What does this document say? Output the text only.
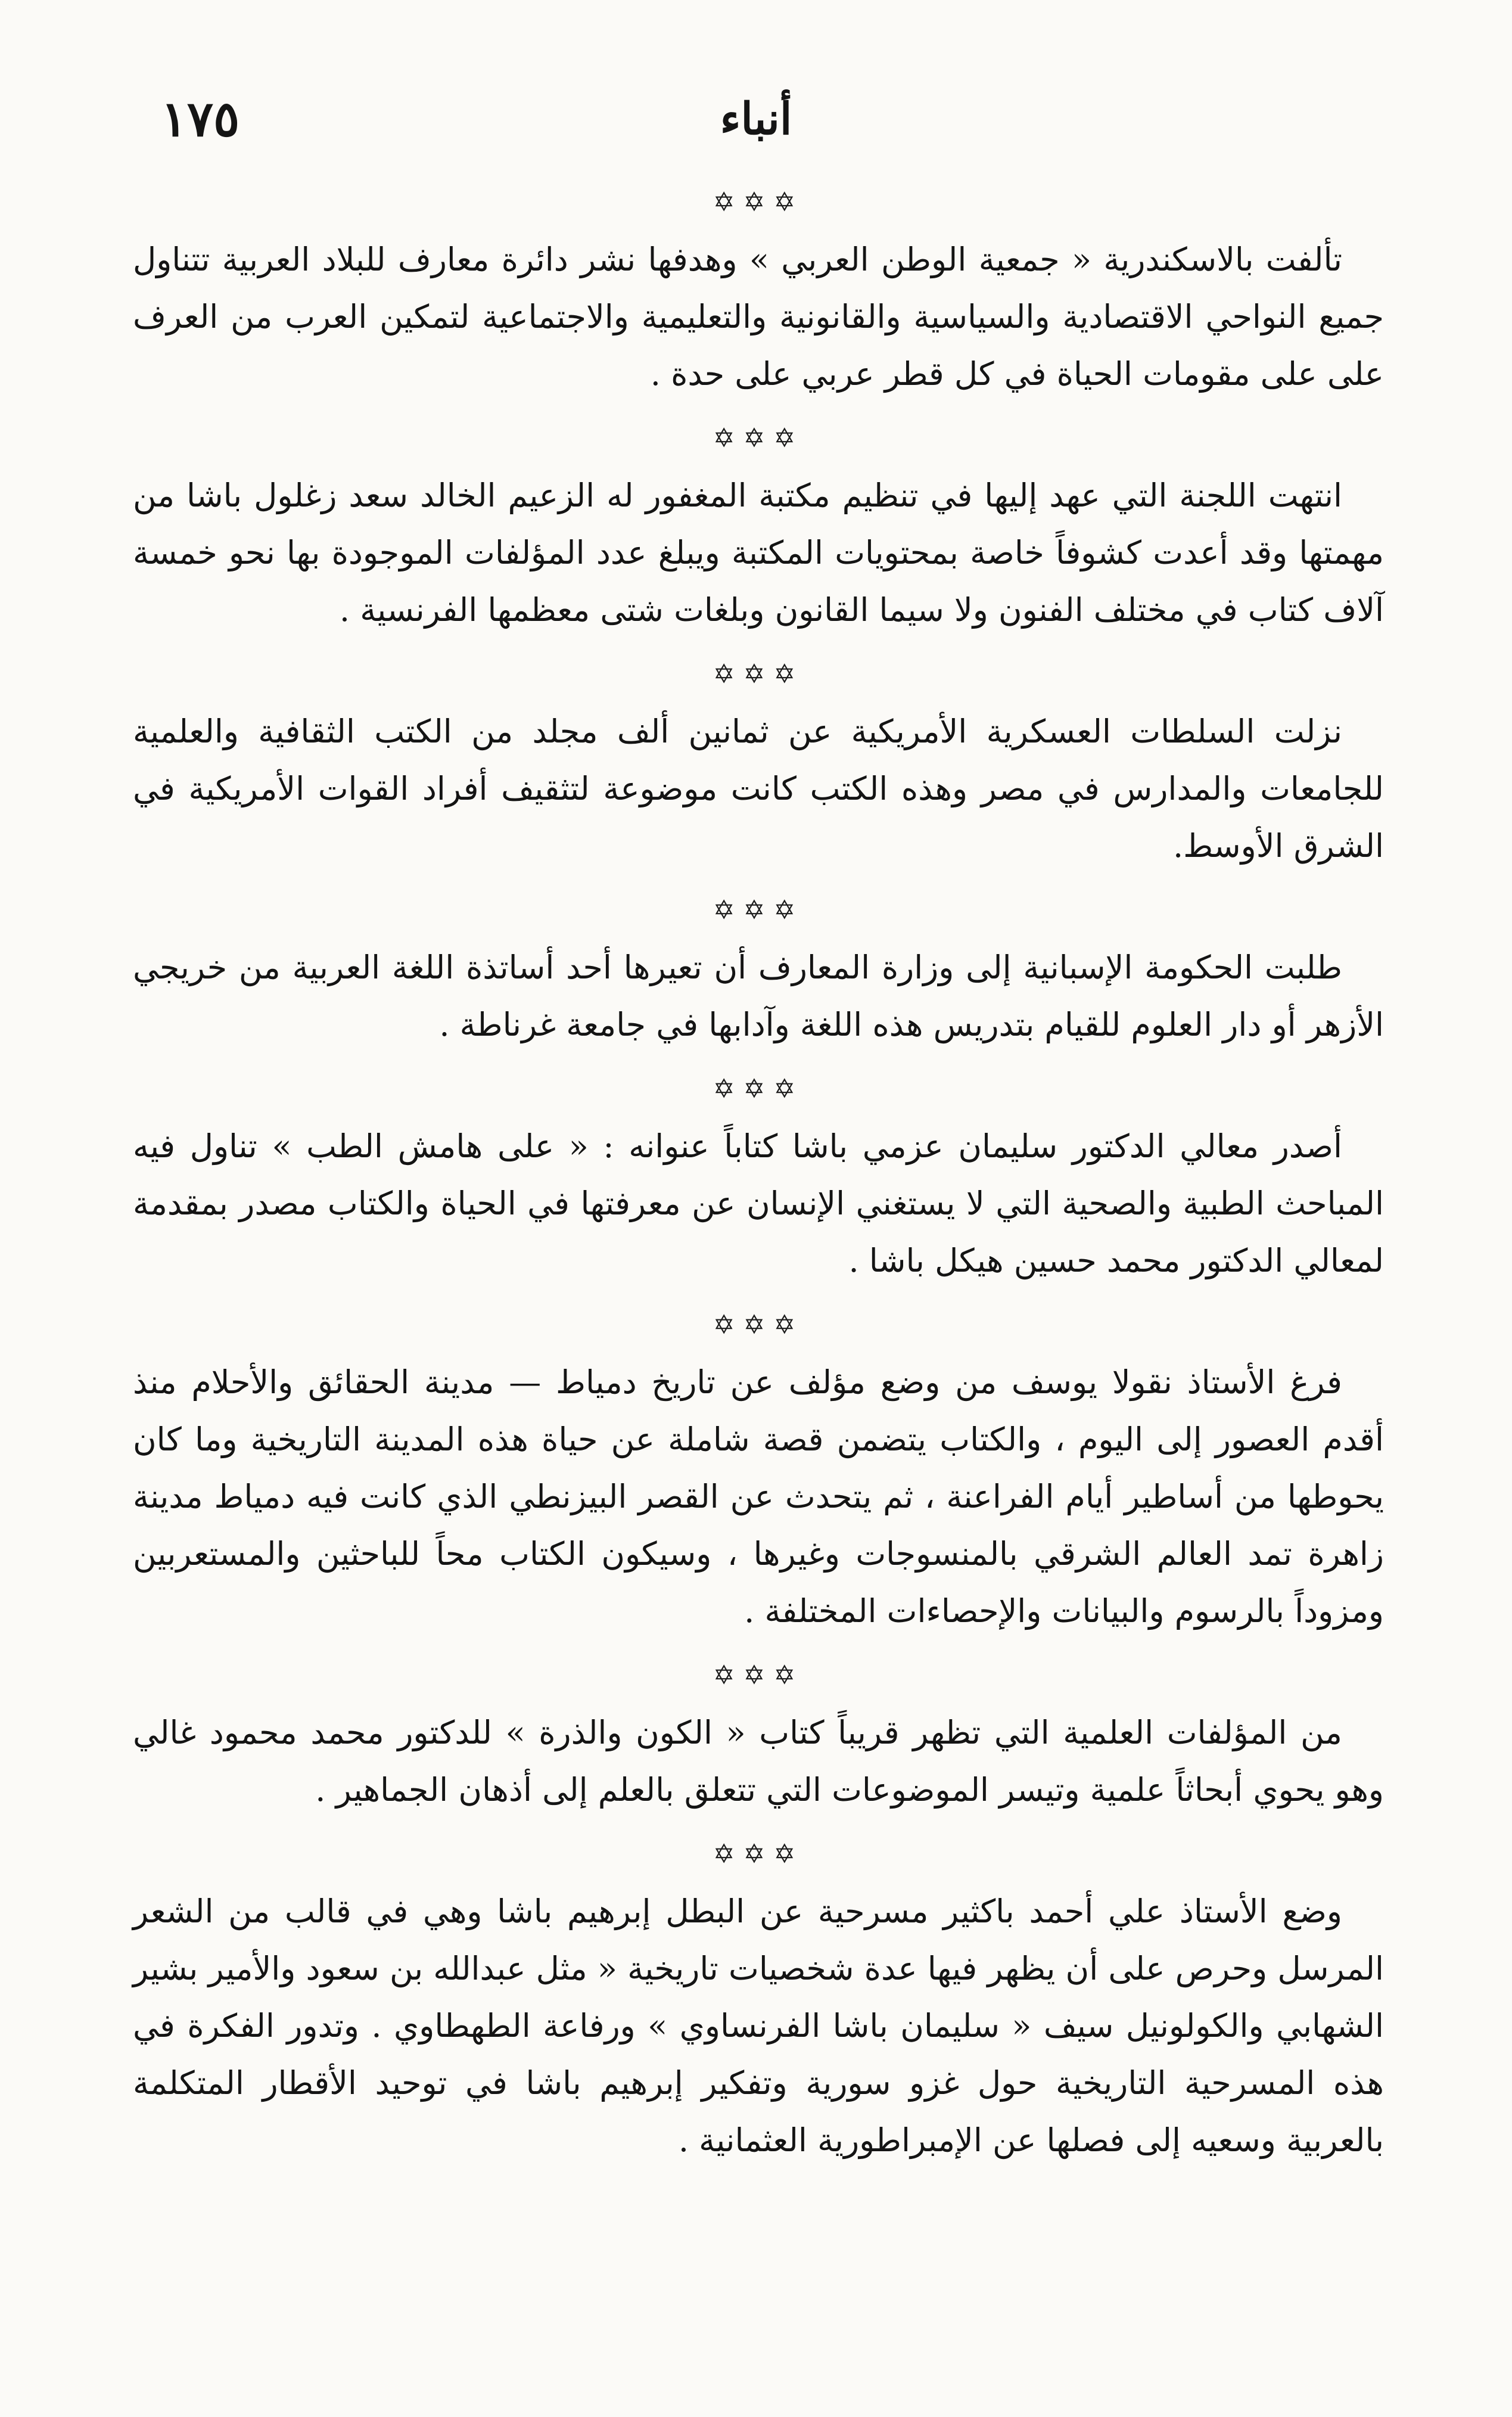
أنباء
١٧٥
✡✡✡

تألفت بالاسكندرية « جمعية الوطن العربي » وهدفها نشر دائرة معارف للبلاد العربية تتناول جميع النواحي الاقتصادية والسياسية والقانونية والتعليمية والاجتماعية لتمكين العرب من العرف على على مقومات الحياة في كل قطر عربي على حدة .

✡✡✡

انتهت اللجنة التي عهد إليها في تنظيم مكتبة المغفور له الزعيم الخالد سعد زغلول باشا من مهمتها وقد أعدت كشوفاً خاصة بمحتويات المكتبة ويبلغ عدد المؤلفات الموجودة بها نحو خمسة آلاف كتاب في مختلف الفنون ولا سيما القانون وبلغات شتى معظمها الفرنسية .

✡✡✡

نزلت السلطات العسكرية الأمريكية عن ثمانين ألف مجلد من الكتب الثقافية والعلمية للجامعات والمدارس في مصر وهذه الكتب كانت موضوعة لتثقيف أفراد القوات الأمريكية في الشرق الأوسط.

✡✡✡

طلبت الحكومة الإسبانية إلى وزارة المعارف أن تعيرها أحد أساتذة اللغة العربية من خريجي الأزهر أو دار العلوم للقيام بتدريس هذه اللغة وآدابها في جامعة غرناطة .

✡✡✡

أصدر معالي الدكتور سليمان عزمي باشا كتاباً عنوانه : « على هامش الطب » تناول فيه المباحث الطبية والصحية التي لا يستغني الإنسان عن معرفتها في الحياة والكتاب مصدر بمقدمة لمعالي الدكتور محمد حسين هيكل باشا .

✡✡✡

فرغ الأستاذ نقولا يوسف من وضع مؤلف عن تاريخ دمياط — مدينة الحقائق والأحلام منذ أقدم العصور إلى اليوم ، والكتاب يتضمن قصة شاملة عن حياة هذه المدينة التاريخية وما كان يحوطها من أساطير أيام الفراعنة ، ثم يتحدث عن القصر البيزنطي الذي كانت فيه دمياط مدينة زاهرة تمد العالم الشرقي بالمنسوجات وغيرها ، وسيكون الكتاب محاً للباحثين والمستعربين ومزوداً بالرسوم والبيانات والإحصاءات المختلفة .

✡✡✡

من المؤلفات العلمية التي تظهر قريباً كتاب « الكون والذرة » للدكتور محمد محمود غالي وهو يحوي أبحاثاً علمية وتيسر الموضوعات التي تتعلق بالعلم إلى أذهان الجماهير .

✡✡✡

وضع الأستاذ علي أحمد باكثير مسرحية عن البطل إبرهيم باشا وهي في قالب من الشعر المرسل وحرص على أن يظهر فيها عدة شخصيات تاريخية « مثل عبدالله بن سعود والأمير بشير الشهابي والكولونيل سيف « سليمان باشا الفرنساوي » ورفاعة الطهطاوي . وتدور الفكرة في هذه المسرحية التاريخية حول غزو سورية وتفكير إبرهيم باشا في توحيد الأقطار المتكلمة بالعربية وسعيه إلى فصلها عن الإمبراطورية العثمانية .
